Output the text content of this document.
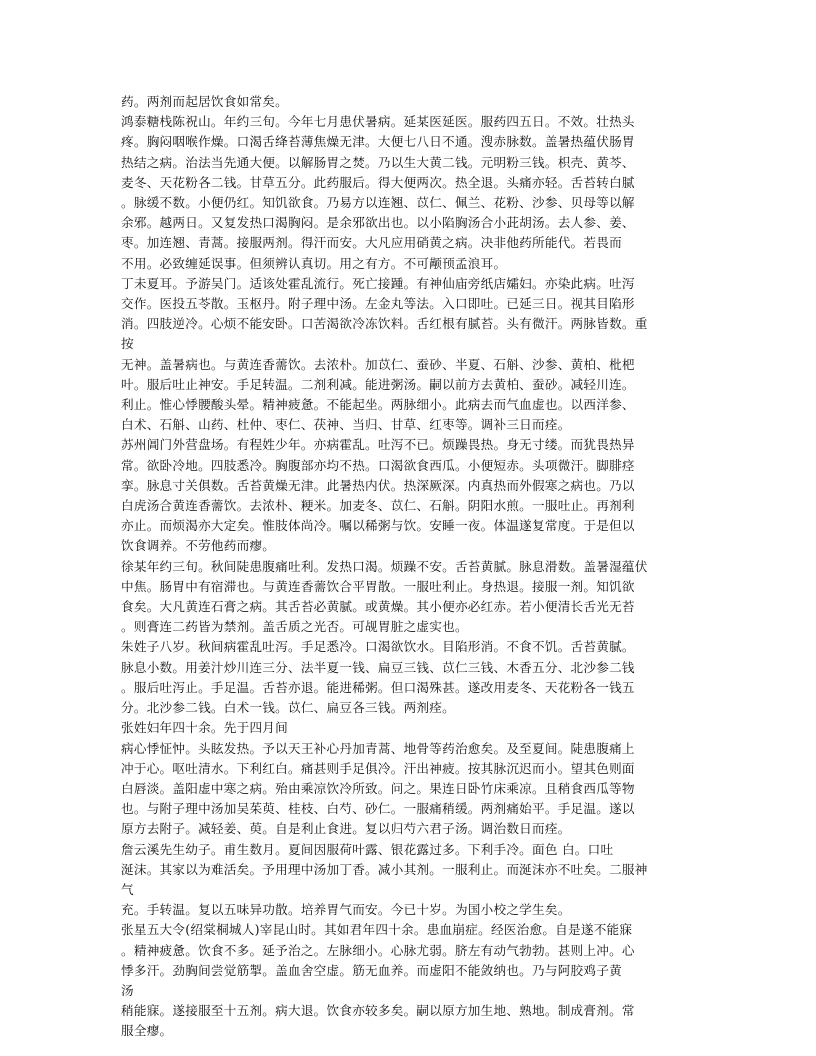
药。两剂而起居饮食如常矣。
鸿泰糖栈陈祝山。年约三旬。今年七月患伏暑病。延某医延医。服药四五日。不效。壮热头
疼。胸闷咽喉作燥。口渴舌绛苔薄焦燥无津。大便七八日不通。溲赤脉数。盖暑热蕴伏肠胃
热结之病。治法当先通大便。以解肠胃之焚。乃以生大黄二钱。元明粉三钱。枳壳、黄芩、
麦冬、天花粉各二钱。甘草五分。此药服后。得大便两次。热全退。头痛亦轻。舌苔转白腻
。脉缓不数。小便仍红。知饥欲食。乃易方以连翘、苡仁、佩兰、花粉、沙参、贝母等以解
余邪。越两日。又复发热口渴胸闷。是余邪欲出也。以小陷胸汤合小茈胡汤。去人参、姜、
枣。加连翘、青蒿。接服两剂。得汗而安。大凡应用硝黄之病。决非他药所能代。若畏而
不用。必致缠延误事。但须辨认真切。用之有方。不可颟顸孟浪耳。
丁未夏耳。予游吴门。适该处霍乱流行。死亡接踵。有神仙庙旁纸店孀妇。亦染此病。吐泻
交作。医投五苓散。玉枢丹。附子理中汤。左金丸等法。入口即吐。已延三日。视其目陷形
消。四肢逆冷。心烦不能安卧。口苦渴欲冷冻饮料。舌红根有腻苔。头有微汗。两脉皆数。重
按
无神。盖暑病也。与黄连香薷饮。去浓朴。加苡仁、蚕砂、半夏、石斛、沙参、黄柏、枇杷
叶。服后吐止神安。手足转温。二剂利减。能进粥汤。嗣以前方去黄柏、蚕砂。减轻川连。
利止。惟心悸腰酸头晕。精神疲惫。不能起坐。两脉细小。此病去而气血虚也。以西洋参、
白术、石斛、山药、杜仲、枣仁、茯神、当归、甘草、红枣等。调补三日而痊。
苏州阊门外营盘场。有程姓少年。亦病霍乱。吐泻不已。烦躁畏热。身无寸缕。而犹畏热异
常。欲卧冷地。四肢悉冷。胸腹部亦均不热。口渴欲食西瓜。小便短赤。头项微汗。脚腓痉
挛。脉息寸关俱数。舌苔黄燥无津。此暑热内伏。热深厥深。内真热而外假寒之病也。乃以
白虎汤合黄连香薷饮。去浓朴、粳米。加麦冬、苡仁、石斛。阴阳水煎。一服吐止。再剂利
亦止。而烦渴亦大定矣。惟肢体尚冷。嘱以稀粥与饮。安睡一夜。体温遂复常度。于是但以
饮食调养。不劳他药而瘳。
徐某年约三旬。秋间陡患腹痛吐利。发热口渴。烦躁不安。舌苔黄腻。脉息滑数。盖暑湿蕴伏
中焦。肠胃中有宿滞也。与黄连香薷饮合平胃散。一服吐利止。身热退。接服一剂。知饥欲
食矣。大凡黄连石膏之病。其舌苔必黄腻。或黄燥。其小便亦必红赤。若小便清长舌光无苔
。则膏连二药皆为禁剂。盖舌质之光否。可觇胃脏之虚实也。
朱姓子八岁。秋间病霍乱吐泻。手足悉冷。口渴欲饮水。目陷形消。不食不饥。舌苔黄腻。
脉息小数。用姜汁炒川连三分、法半夏一钱、扁豆三钱、苡仁三钱、木香五分、北沙参二钱
。服后吐泻止。手足温。舌苔亦退。能进稀粥。但口渴殊甚。遂改用麦冬、天花粉各一钱五
分。北沙参二钱。白术一钱。苡仁、扁豆各三钱。两剂痊。
张姓妇年四十余。先于四月间
病心悸怔忡。头眩发热。予以天王补心丹加青蒿、地骨等药治愈矣。及至夏间。陡患腹痛上
冲于心。呕吐清水。下利红白。痛甚则手足俱冷。汗出神疲。按其脉沉迟而小。望其色则面
白唇淡。盖阳虚中寒之病。殆由乘凉饮冷所致。问之。果连日卧竹床乘凉。且稍食西瓜等物
也。与附子理中汤加吴茱萸、桂枝、白芍、砂仁。一服痛稍缓。两剂痛始平。手足温。遂以
原方去附子。减轻姜、萸。自是利止食进。复以归芍六君子汤。调治数日而痊。
詹云溪先生幼子。甫生数月。夏间因服荷叶露、银花露过多。下利手冷。面色 白。口吐
涎沫。其家以为难活矣。予用理中汤加丁香。减小其剂。一服利止。而涎沫亦不吐矣。二服神
气
充。手转温。复以五味异功散。培养胃气而安。今已十岁。为国小校之学生矣。
张星五大令(绍棠桐城人)宰昆山时。其如君年四十余。患血崩症。经医治愈。自是遂不能寐
。精神疲惫。饮食不多。延予治之。左脉细小。心脉尤弱。脐左有动气勃勃。甚则上冲。心
悸多汗。劲胸间尝觉筋掣。盖血舍空虚。筋无血养。而虚阳不能敛纳也。乃与阿胶鸡子黄
汤
稍能寐。遂接服至十五剂。病大退。饮食亦较多矣。嗣以原方加生地、熟地。制成膏剂。常
服全瘳。
